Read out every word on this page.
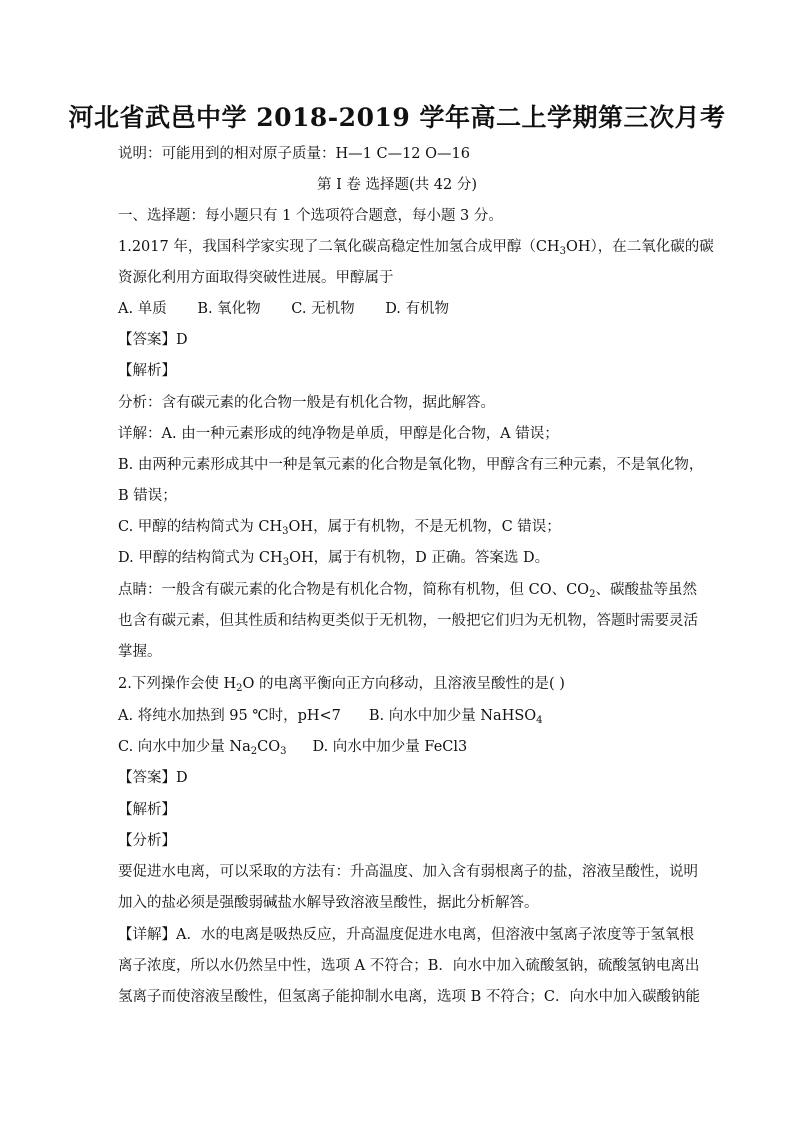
河北省武邑中学 2018-2019 学年高二上学期第三次月考
说明：可能用到的相对原子质量：H—1 C—12 O—16
第 I 卷 选择题(共 42 分)
一、选择题：每小题只有 1 个选项符合题意，每小题 3 分。
1.2017 年，我国科学家实现了二氧化碳高稳定性加氢合成甲醇$(CH_3OH)$，在二氧化碳的碳
资源化利用方面取得突破性进展。甲醇属于
A. 单质 B. 氧化物 C. 无机物 D. 有机物
【答案】D
【解析】
分析：含有碳元素的化合物一般是有机化合物，据此解答。
详解：A. 由一种元素形成的纯净物是单质，甲醇是化合物，A 错误；
B. 由两种元素形成其中一种是氧元素的化合物是氧化物，甲醇含有三种元素，不是氧化物，
B 错误；
C. 甲醇的结构简式为 $CH_3OH$，属于有机物，不是无机物，C 错误；
D. 甲醇的结构简式为 $CH_3OH$，属于有机物，D 正确。答案选 D。
点睛：一般含有碳元素的化合物是有机化合物，简称有机物，但 CO、$CO_2$、碳酸盐等虽然
也含有碳元素，但其性质和结构更类似于无机物，一般把它们归为无机物，答题时需要灵活
掌握。
2.下列操作会使 $H_2O$ 的电离平衡向正方向移动，且溶液呈酸性的是( )
A. 将纯水加热到 95 ℃时，pH<7 B. 向水中加少量 NaHSO$_4$
C. 向水中加少量 $Na_2CO_3$ D. 向水中加少量 FeCl3
【答案】D
【解析】
【分析】
要促进水电离，可以采取的方法有：升高温度、加入含有弱根离子的盐，溶液呈酸性，说明
加入的盐必须是强酸弱碱盐水解导致溶液呈酸性，据此分析解答。
【详解】A．水的电离是吸热反应，升高温度促进水电离，但溶液中氢离子浓度等于氢氧根
离子浓度，所以水仍然呈中性，选项 A 不符合；B．向水中加入硫酸氢钠，硫酸氢钠电离出
氢离子而使溶液呈酸性，但氢离子能抑制水电离，选项 B 不符合；C．向水中加入碳酸钠能
